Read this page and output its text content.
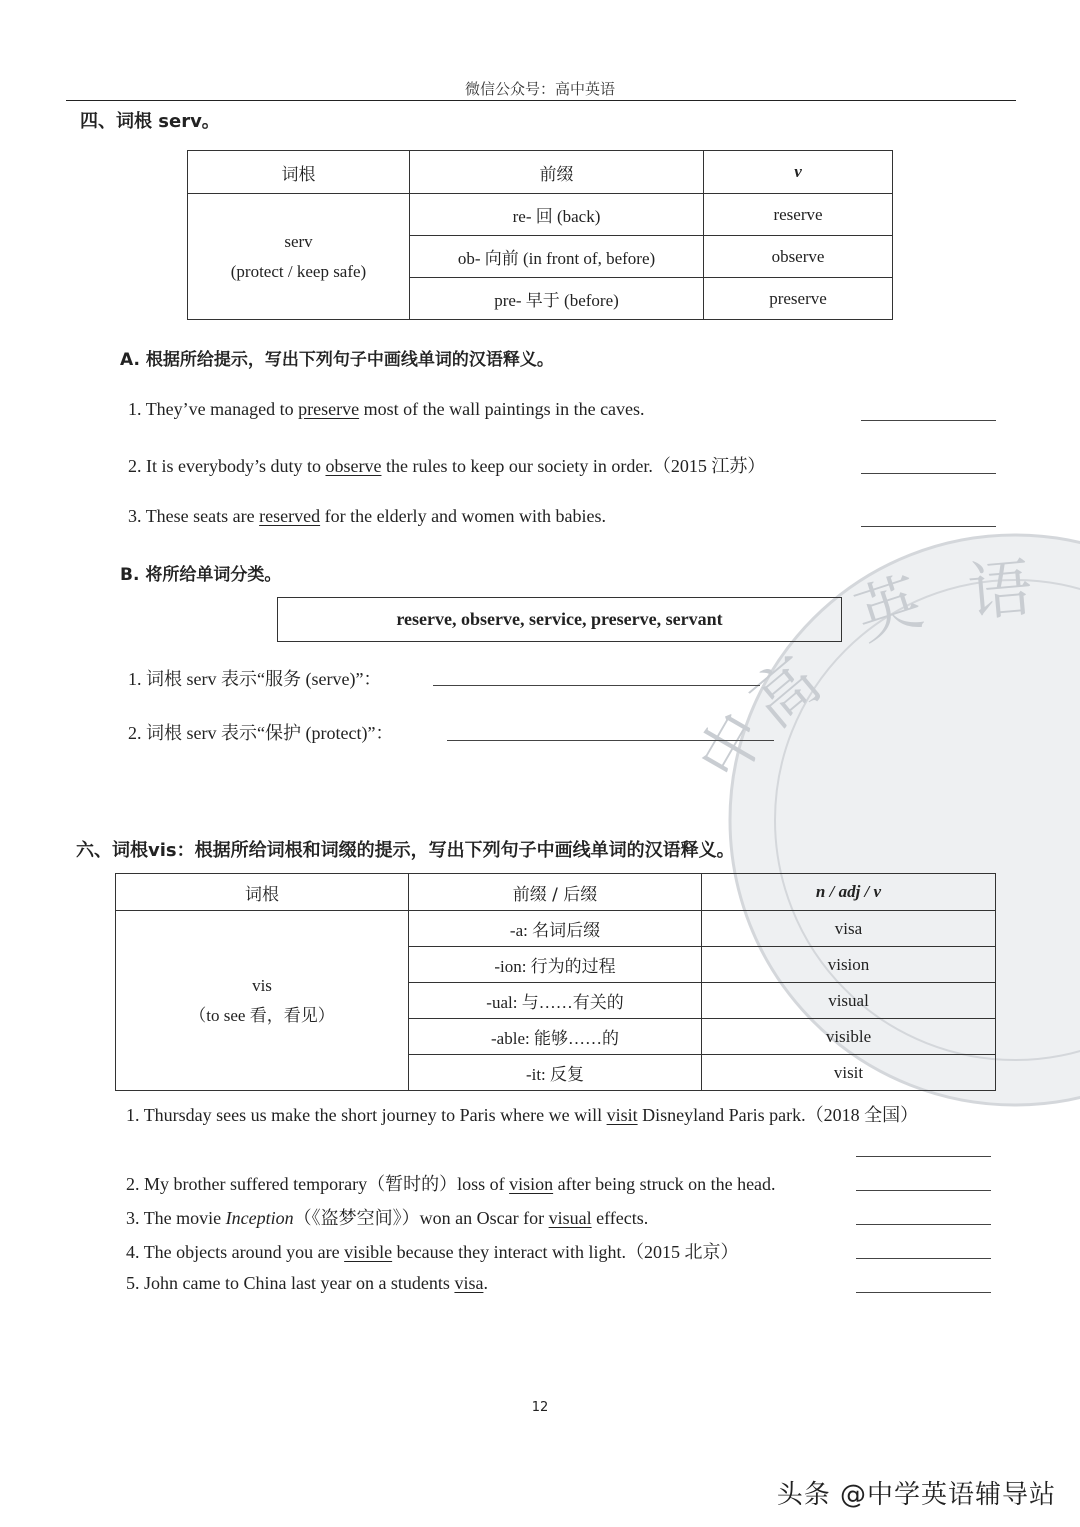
微信公众号：高中英语
英 语
高
中
四、词根 serv。
词根	前缀	v

serv
(protect / keep safe)	re- 回 (back)	reserve
	ob- 向前 (in front of, before)	observe
	pre- 早于 (before)	preserve
A. 根据所给提示，写出下列句子中画线单词的汉语释义。
1. They’ve managed to preserve most of the wall paintings in the caves.
2. It is everybody’s duty to observe the rules to keep our society in order.（2015 江苏）
3. These seats are reserved for the elderly and women with babies.
B. 将所给单词分类。
reserve, observe, service, preserve, servant
1. 词根 serv 表示“服务 (serve)”：
2. 词根 serv 表示“保护 (protect)”：
六、词根vis：根据所给词根和词缀的提示，写出下列句子中画线单词的汉语释义。
词根	前缀 / 后缀	n / adj / v

vis
（to see 看，看见）	-a: 名词后缀	visa
	-ion: 行为的过程	vision
	-ual: 与……有关的	visual
	-able: 能够……的	visible
	-it: 反复	visit
1. Thursday sees us make the short journey to Paris where we will visit Disneyland Paris park.（2018 全国）
2. My brother suffered temporary（暂时的）loss of vision after being struck on the head.
3. The movie Inception（《盗梦空间》）won an Oscar for visual effects.
4. The objects around you are visible because they interact with light.（2015 北京）
5. John came to China last year on a students visa.
12
头条 @中学英语辅导站
